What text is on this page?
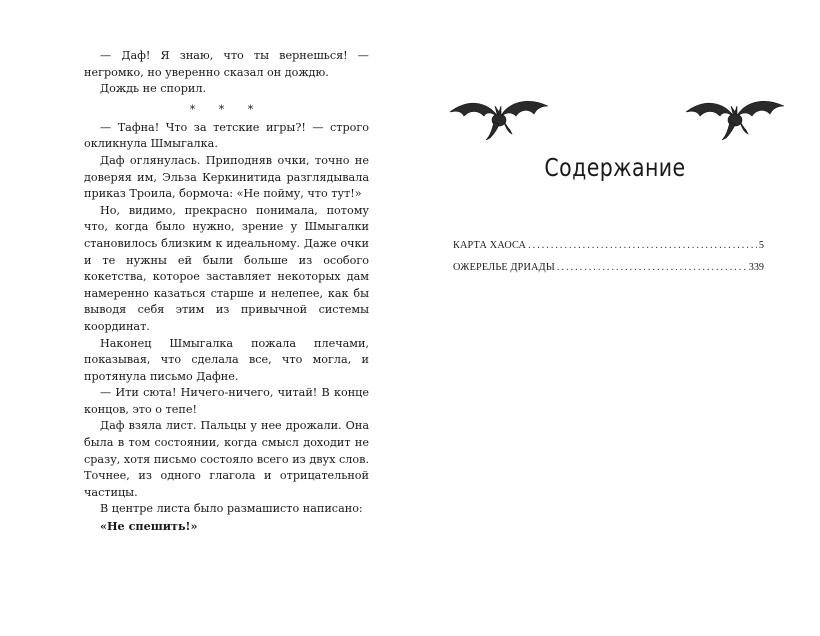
— Даф! Я знаю, что ты вернешься! — негромко, но уверенно сказал он дождю.

Дождь не спорил.

* * *

— Тафна! Что за тетские игры?! — строго окликнула Шмыгалка.

Даф оглянулась. Приподняв очки, точно не доверяя им, Эльза Керкинитида разглядывала приказ Троила, бормоча: «Не пойму, что тут!»

Но, видимо, прекрасно понимала, потому что, когда было нужно, зрение у Шмыгалки становилось близким к идеальному. Даже очки и те нужны ей были больше из особого кокетства, которое заставляет некоторых дам намеренно казаться старше и нелепее, как бы выводя себя этим из привычной системы координат.

Наконец Шмыгалка пожала плечами, показывая, что сделала все, что могла, и протянула письмо Дафне.

— Ити сюта! Ничего-ничего, читай! В конце концов, это о тепе!

Даф взяла лист. Пальцы у нее дрожали. Она была в том состоянии, когда смысл доходит не сразу, хотя письмо состояло всего из двух слов. Точнее, из одного глагола и отрицательной частицы.

В центре листа было размашисто написано:

«Не спешить!»

Содержание
КАРТА ХАОСА .....	5
ОЖЕРЕЛЬЕ ДРИАДЫ .....	339
